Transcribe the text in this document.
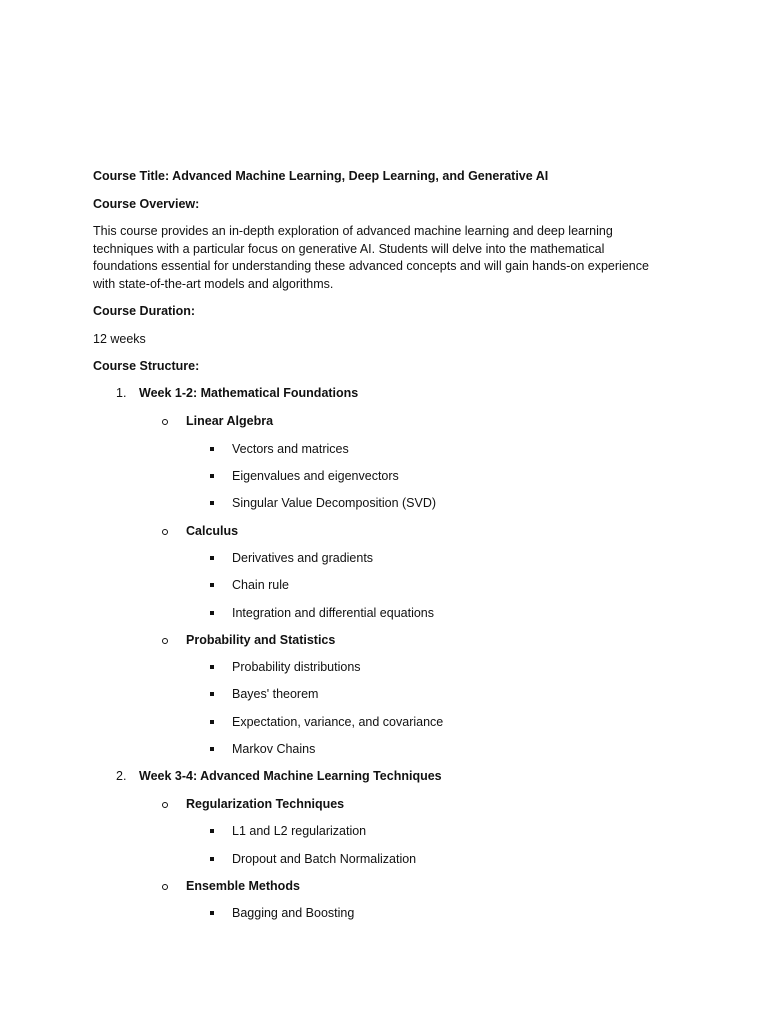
Course Title: Advanced Machine Learning, Deep Learning, and Generative AI
Course Overview:
This course provides an in-depth exploration of advanced machine learning and deep learning
techniques with a particular focus on generative AI. Students will delve into the mathematical
foundations essential for understanding these advanced concepts and will gain hands-on experience
with state-of-the-art models and algorithms.
Course Duration:
12 weeks
Course Structure:
1. Week 1-2: Mathematical Foundations
Linear Algebra
Vectors and matrices
Eigenvalues and eigenvectors
Singular Value Decomposition (SVD)
Calculus
Derivatives and gradients
Chain rule
Integration and differential equations
Probability and Statistics
Probability distributions
Bayes' theorem
Expectation, variance, and covariance
Markov Chains
2. Week 3-4: Advanced Machine Learning Techniques
Regularization Techniques
L1 and L2 regularization
Dropout and Batch Normalization
Ensemble Methods
Bagging and Boosting
